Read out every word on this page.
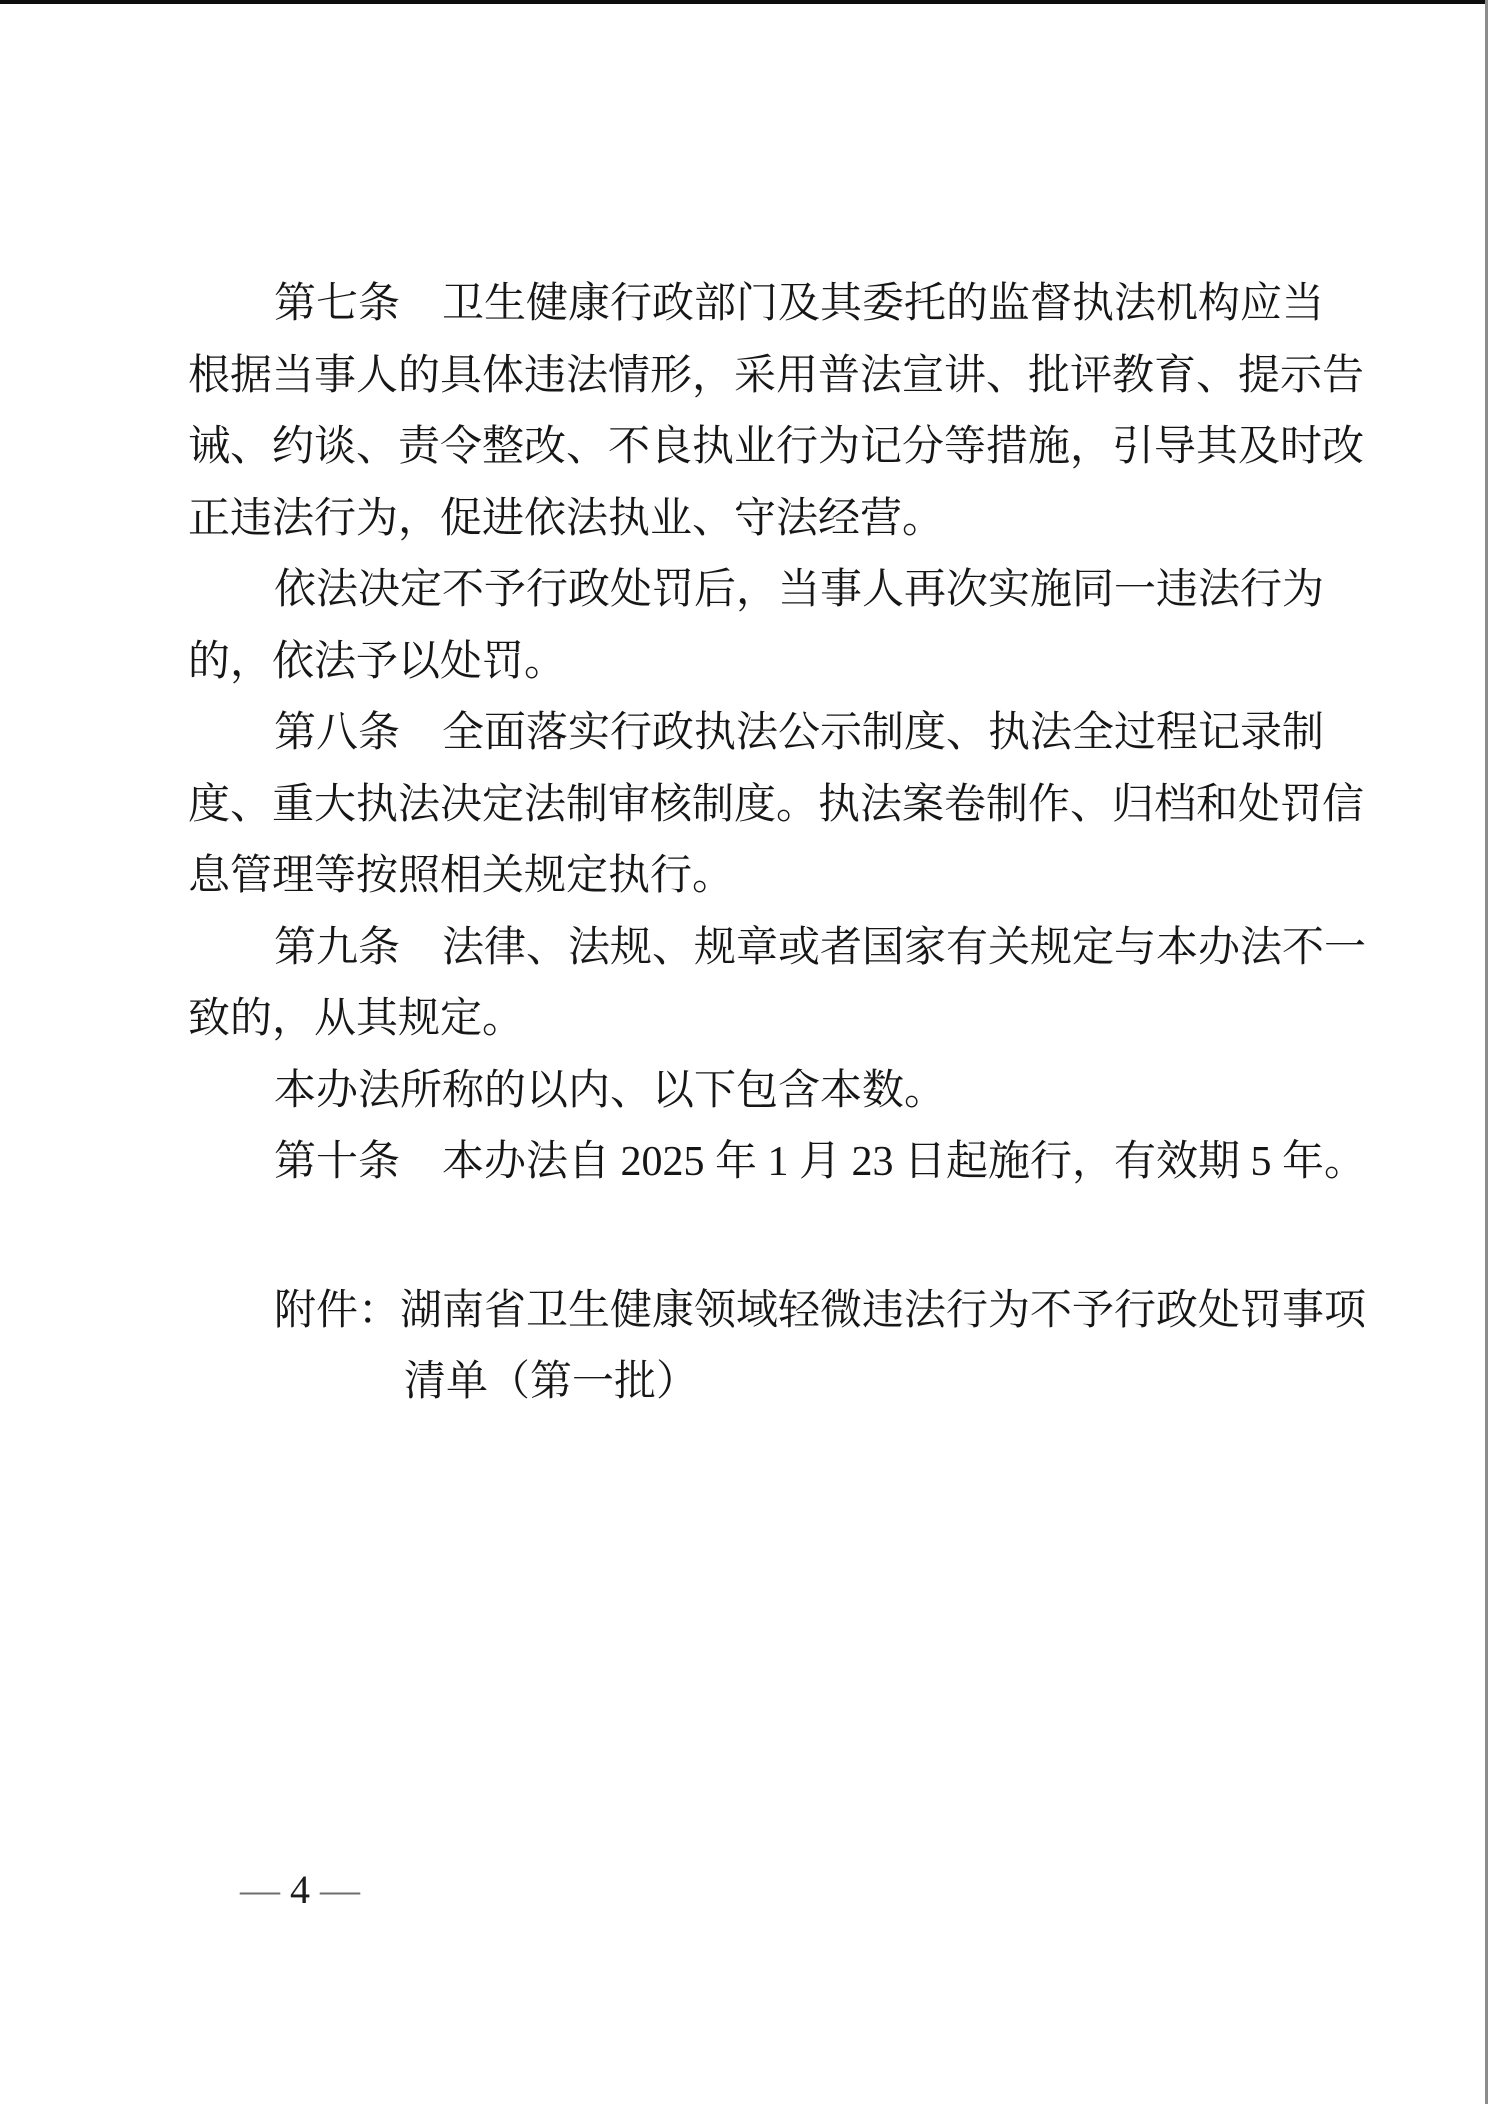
第七条　卫生健康行政部门及其委托的监督执法机构应当
根据当事人的具体违法情形，采用普法宣讲、批评教育、提示告
诫、约谈、责令整改、不良执业行为记分等措施，引导其及时改
正违法行为，促进依法执业、守法经营。
依法决定不予行政处罚后，当事人再次实施同一违法行为
的，依法予以处罚。
第八条　全面落实行政执法公示制度、执法全过程记录制
度、重大执法决定法制审核制度。执法案卷制作、归档和处罚信
息管理等按照相关规定执行。
第九条　法律、法规、规章或者国家有关规定与本办法不一
致的，从其规定。
本办法所称的以内、以下包含本数。
第十条　本办法自 2025 年 1 月 23 日起施行，有效期 5 年。
附件：湖南省卫生健康领域轻微违法行为不予行政处罚事项
清单（第一批）
— 4 —
